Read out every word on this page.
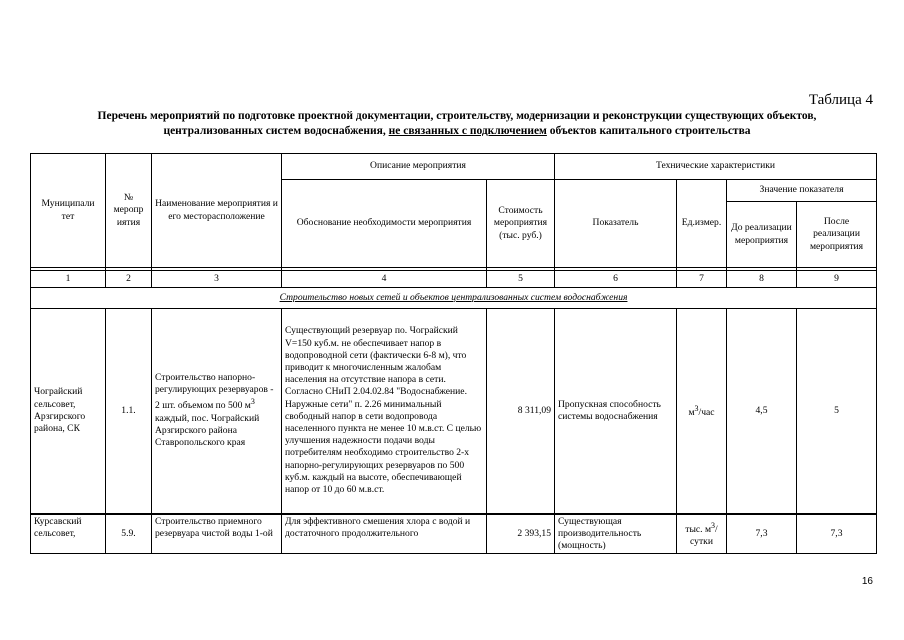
Таблица 4
Перечень мероприятий по подготовке проектной документации, строительству, модернизации и реконструкции существующих объектов,
централизованных систем водоснабжения, не связанных с подключением объектов капитального строительства
Муниципали тет	№ меропр иятия	Наименование мероприятия и его месторасположение	Описание мероприятия		Технические характеристики			
			Обоснование необходимости мероприятия	Стоимость мероприятия (тыс. руб.)	Показатель	Ед.измер.	Значение показателя	
							До реализации мероприятия	После реализации мероприятия

1	2	3	4	5	6	7	8	9
Строительство новых сетей и объектов централизованных систем водоснабжения								
Чограйский сельсовет, Арзгирского района, СК	1.1.	Строительство напорно-регулирующих резервуаров - 2 шт. объемом по 500 $м^3$ каждый, пос. Чограйский Арзгирского района Ставропольского края	Существующий резервуар по. Чограйский V=150 куб.м. не обеспечивает напор в водопроводной сети (фактически 6-8 м), что приводит к многочисленным жалобам населения на отсутствие напора в сети. Согласно СНиП 2.04.02.84 "Водоснабжение. Наружные сети" п. 2.26 минимальный свободный напор в сети водопровода населенного пункта не менее 10 м.в.ст. С целью улучшения надежности подачи воды потребителям необходимо строительство 2-х напорно-регулирующих резервуаров по 500 куб.м. каждый на высоте, обеспечивающей напор от 10 до 60 м.в.ст.	8 311,09	Пропускная способность системы водоснабжения	$м^3$/час	4,5	5
Курсавский сельсовет,	5.9.	Строительство приемного резервуара чистой воды 1-ой	Для эффективного смешения хлора с водой и достаточного продолжительного	2 393,15	Существующая производительность (мощность)	тыс. $м^3$/сутки	7,3	7,3
16
